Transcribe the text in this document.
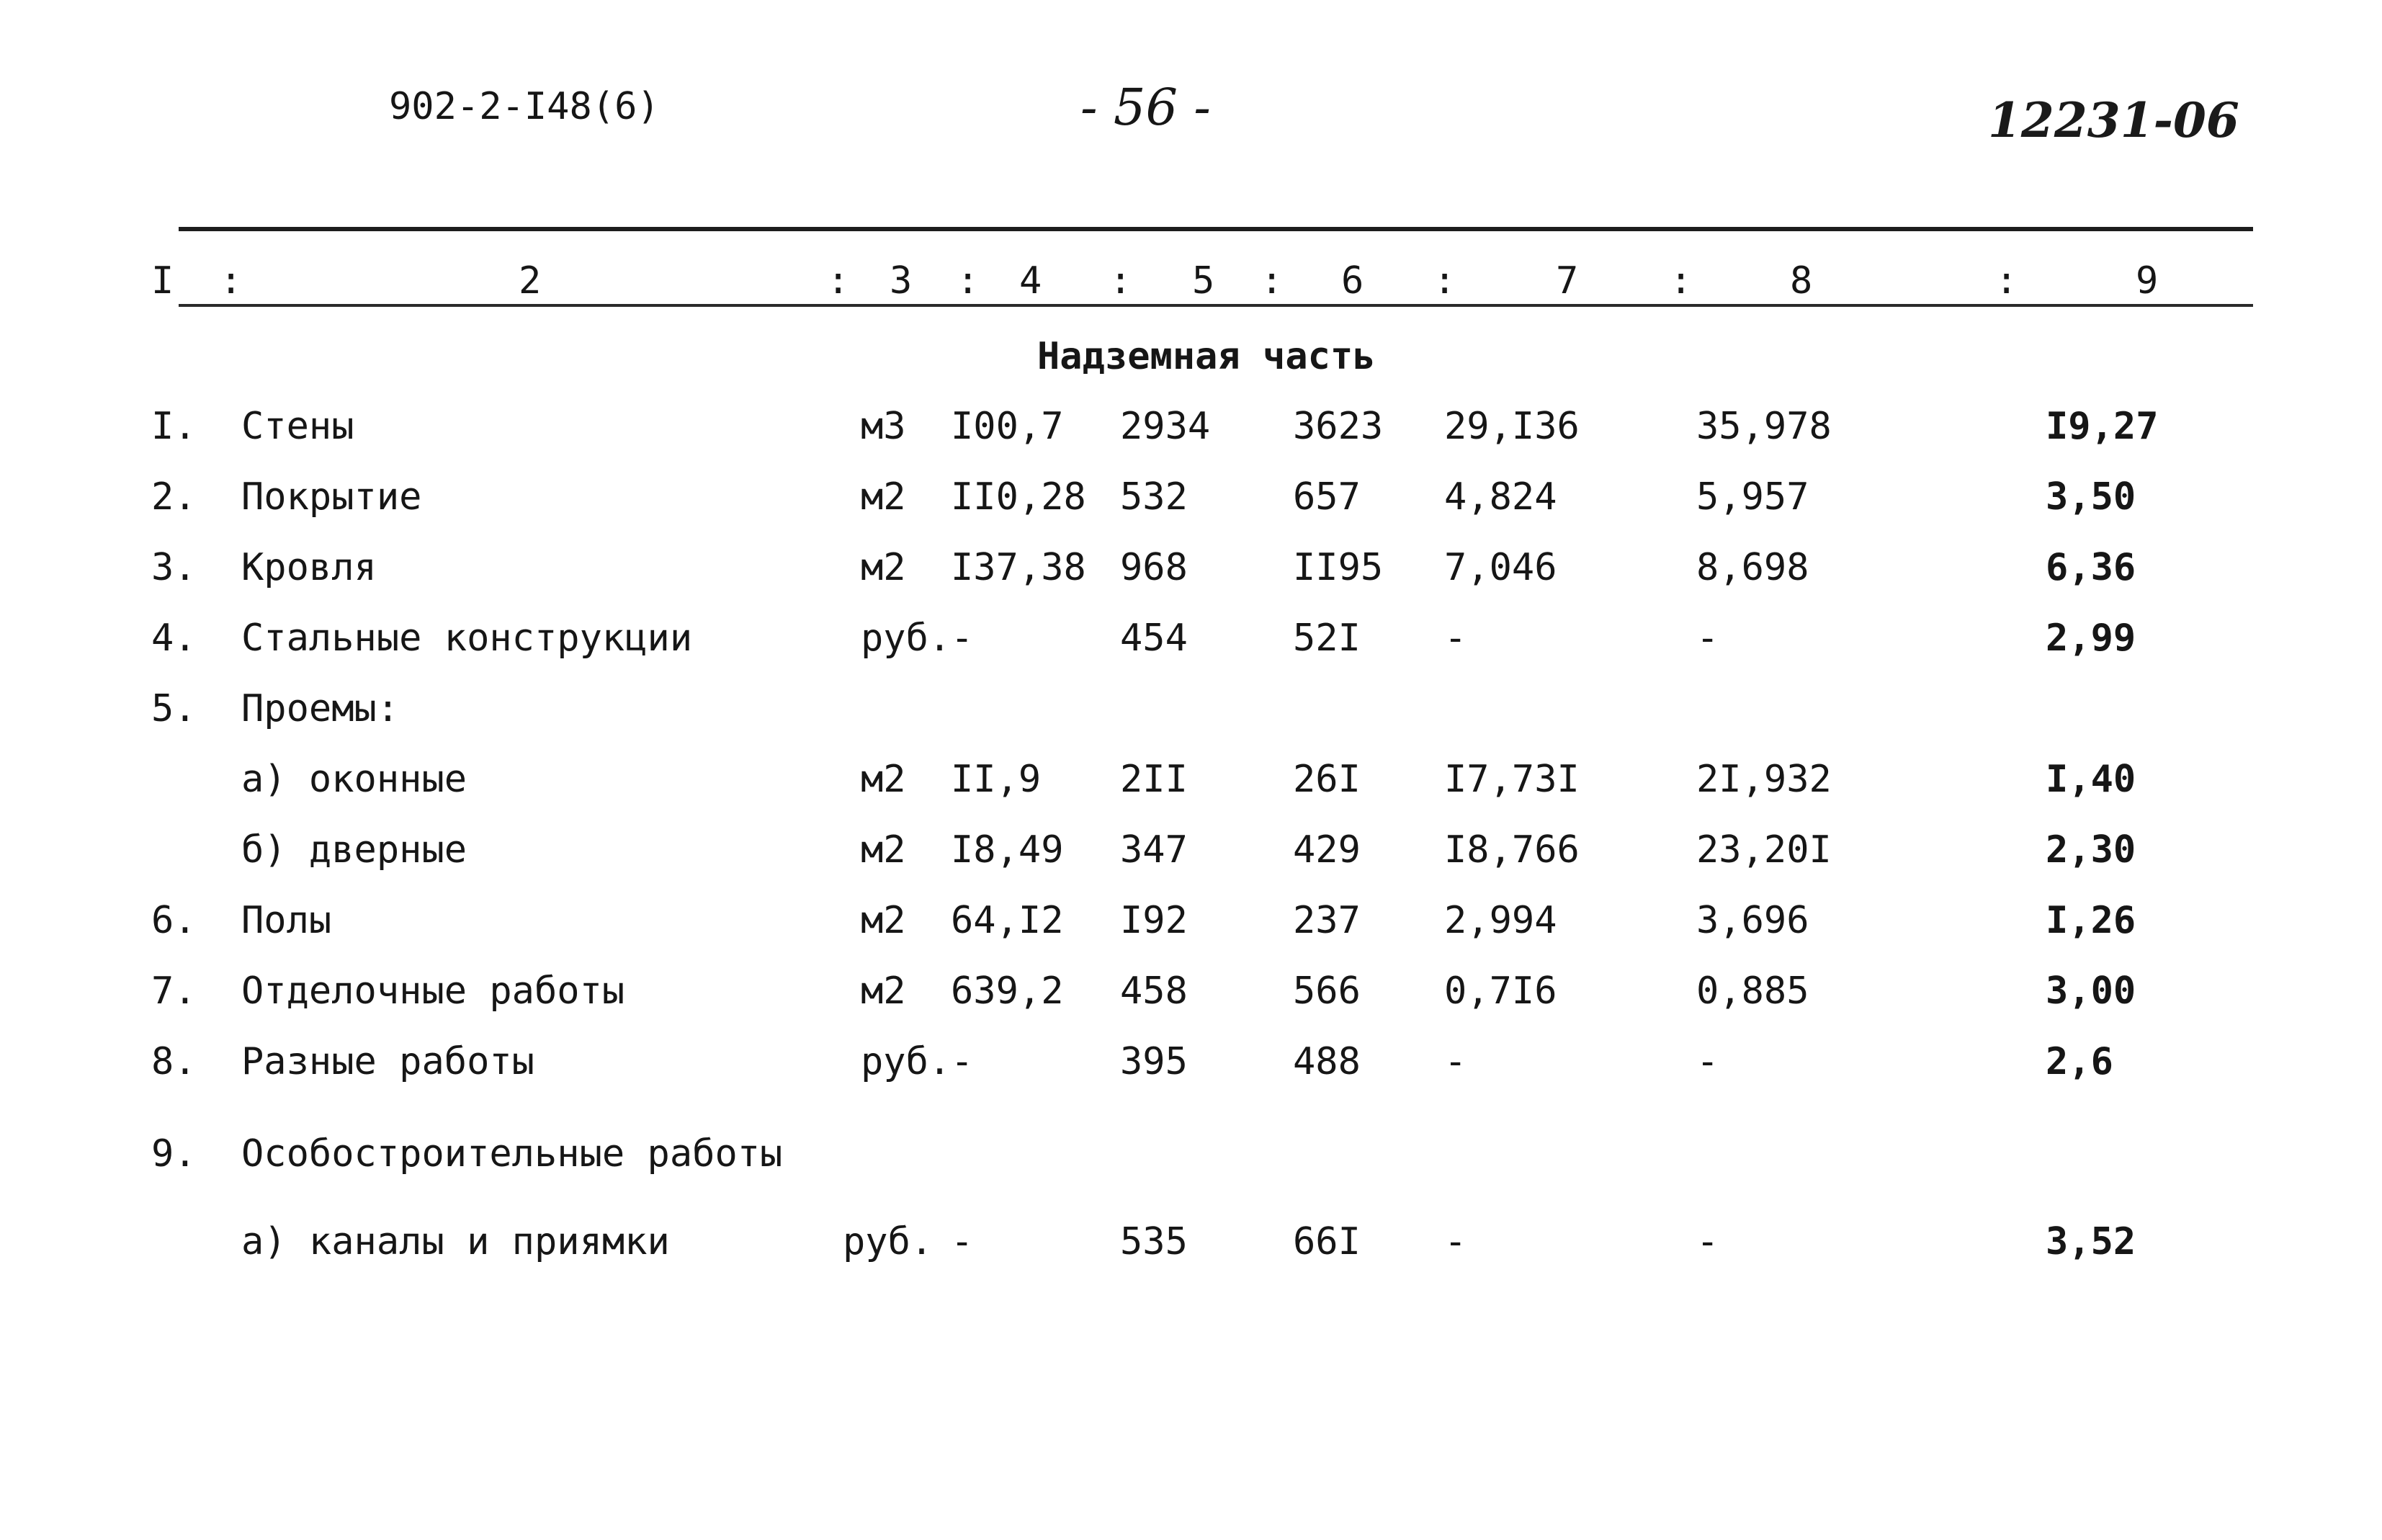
902-2-I48(6)	- 56 -	12231-06
I :	2	: 3 : 4 : 5 : 6 :	7 :	8	:	9
Надземная часть
I. Стены	м3 I00,7 2934 3623 29,I36	35,978	I9,27
2. Покрытие	м2 II0,28 532	657 4,824	5,957	3,50
3. Кровля	м2 I37,38 968	II95 7,046	8,698	6,36
4. Стальные конструкции	руб. -	454	52I -	-	2,99
5. Проемы:
а) оконные	м2 II,9 2II	26I I7,73I	2I,932	I,40
б) дверные	м2 I8,49 347	429 I8,766	23,20I	2,30
6. Полы	м2 64,I2 I92	237 2,994	3,696	I,26
7. Отделочные работы	м2 639,2 458	566 0,7I6	0,885	3,00
8. Разные работы	руб. -	395	488 -	-	2,6
9. Особостроительные работы
а) каналы и приямки	руб. -	535	66I -	-	3,52
